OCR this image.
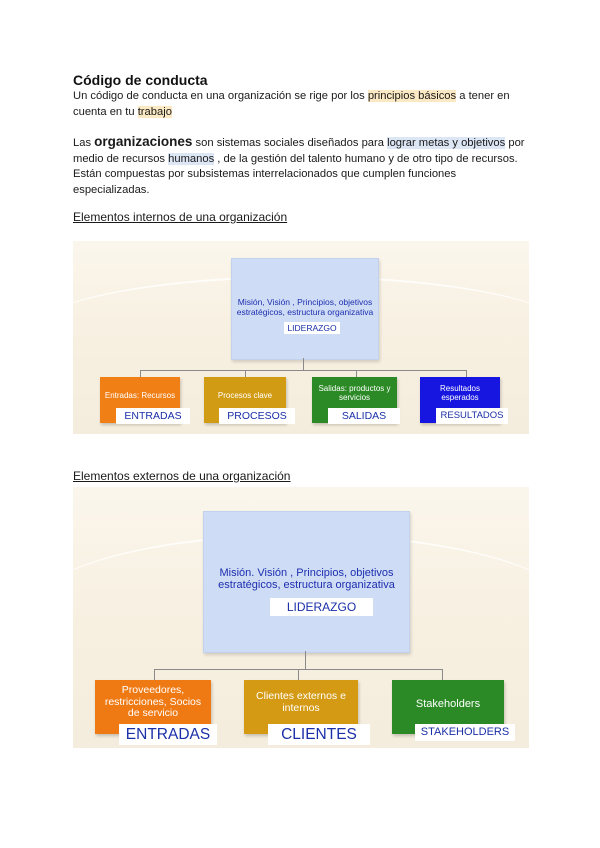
Código de conducta
Un código de conducta en una organización se rige por los principios básicos a tener en
cuenta en tu trabajo
Las organizaciones son sistemas sociales diseñados para lograr metas y objetivos por
medio de recursos humanos , de la gestión del talento humano y de otro tipo de recursos.
Están compuestas por subsistemas interrelacionados que cumplen funciones
especializadas.
Elementos internos de una organización
Misión, Visión , Principios, objetivos
estratégicos, estructura organizativa
LIDERAZGO
Entradas: Recursos
ENTRADAS
Procesos clave
PROCESOS
Salidas: productos y servicios
SALIDAS
Resultados esperados
RESULTADOS
Elementos externos de una organización
Misión. Visión , Principios, objetivos
estratégicos, estructura organizativa
LIDERAZGO
Proveedores,
restricciones, Socios
de servicio
ENTRADAS
Clientes externos e
internos
CLIENTES
Stakeholders
STAKEHOLDERS
